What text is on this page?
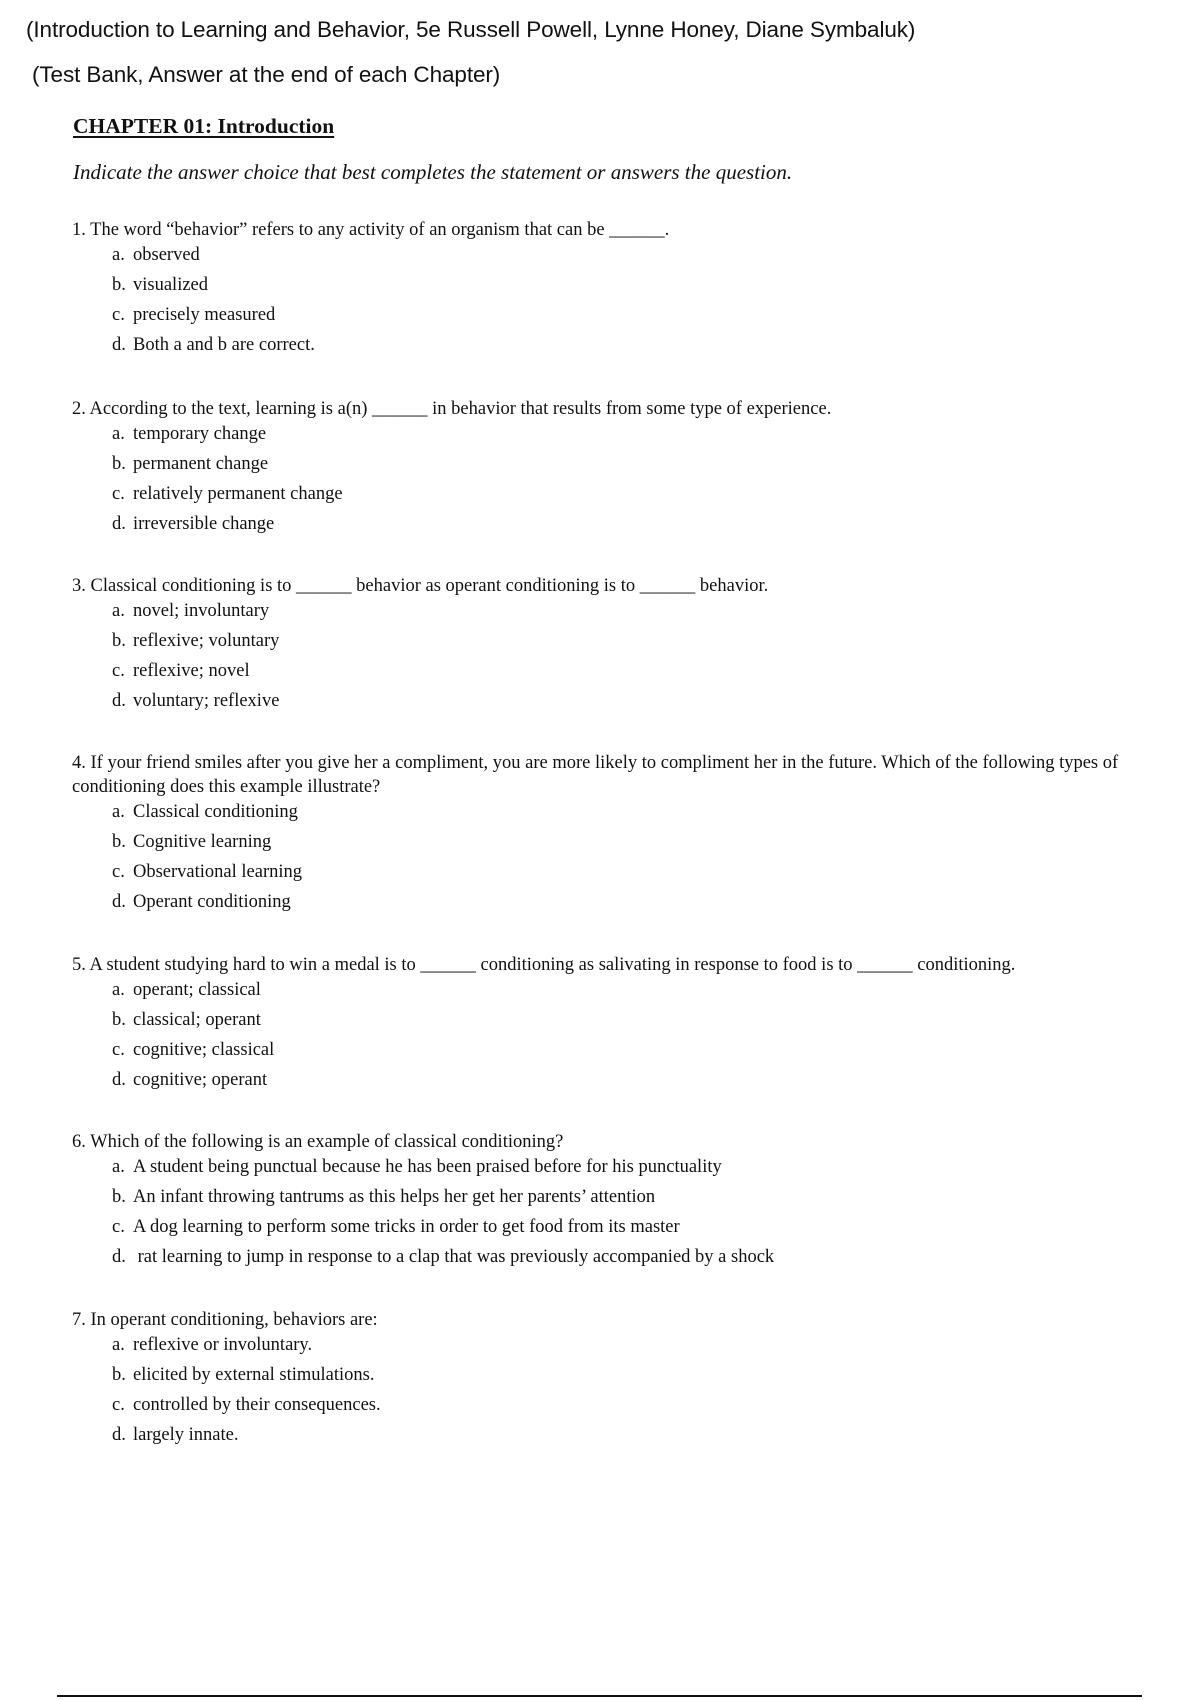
(Introduction to Learning and Behavior, 5e Russell Powell, Lynne Honey, Diane Symbaluk)
(Test Bank, Answer at the end of each Chapter)
CHAPTER 01: Introduction
Indicate the answer choice that best completes the statement or answers the question.
1. The word “behavior” refers to any activity of an organism that can be ______.
a. observed
b. visualized
c. precisely measured
d. Both a and b are correct.
2. According to the text, learning is a(n) ______ in behavior that results from some type of experience.
a. temporary change
b. permanent change
c. relatively permanent change
d. irreversible change
3. Classical conditioning is to ______ behavior as operant conditioning is to ______ behavior.
a. novel; involuntary
b. reflexive; voluntary
c. reflexive; novel
d. voluntary; reflexive
4. If your friend smiles after you give her a compliment, you are more likely to compliment her in the future. Which of the following types of conditioning does this example illustrate?
a. Classical conditioning
b. Cognitive learning
c. Observational learning
d. Operant conditioning
5. A student studying hard to win a medal is to ______ conditioning as salivating in response to food is to ______ conditioning.
a. operant; classical
b. classical; operant
c. cognitive; classical
d. cognitive; operant
6. Which of the following is an example of classical conditioning?
a. A student being punctual because he has been praised before for his punctuality
b. An infant throwing tantrums as this helps her get her parents’ attention
c. A dog learning to perform some tricks in order to get food from its master
d. rat learning to jump in response to a clap that was previously accompanied by a shock
7. In operant conditioning, behaviors are:
a. reflexive or involuntary.
b. elicited by external stimulations.
c. controlled by their consequences.
d. largely innate.
